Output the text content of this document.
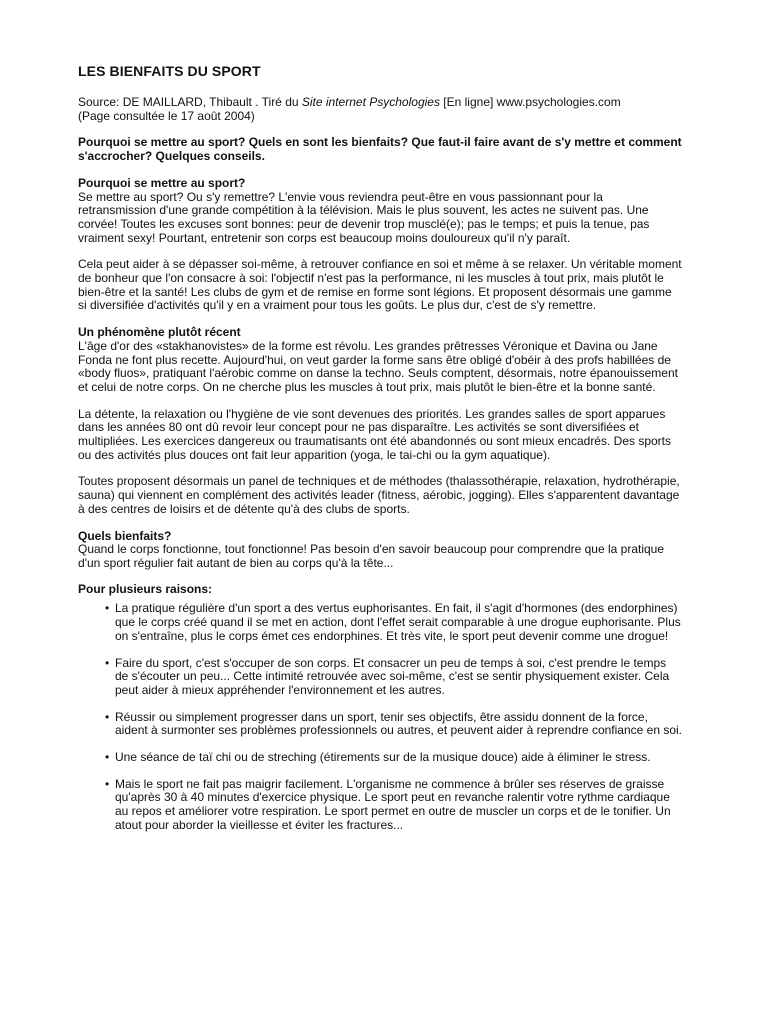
LES BIENFAITS DU SPORT

Source: DE MAILLARD, Thibault . Tiré du Site internet Psychologies [En ligne] www.psychologies.com
(Page consultée le 17 août 2004)

Pourquoi se mettre au sport? Quels en sont les bienfaits? Que faut-il faire avant de s'y mettre et comment s'accrocher? Quelques conseils.

Pourquoi se mettre au sport?

Se mettre au sport? Ou s'y remettre? L'envie vous reviendra peut-être en vous passionnant pour la retransmission d'une grande compétition à la télévision. Mais le plus souvent, les actes ne suivent pas. Une corvée! Toutes les excuses sont bonnes: peur de devenir trop musclé(e); pas le temps; et puis la tenue, pas vraiment sexy! Pourtant, entretenir son corps est beaucoup moins douloureux qu'il n'y paraît.

Cela peut aider à se dépasser soi-même, à retrouver confiance en soi et même à se relaxer. Un véritable moment de bonheur que l'on consacre à soi: l'objectif n'est pas la performance, ni les muscles à tout prix, mais plutôt le bien-être et la santé! Les clubs de gym et de remise en forme sont légions. Et proposent désormais une gamme si diversifiée d'activités qu'il y en a vraiment pour tous les goûts. Le plus dur, c'est de s'y remettre.

Un phénomène plutôt récent

L'âge d'or des «stakhanovistes» de la forme est révolu. Les grandes prêtresses Véronique et Davina ou Jane Fonda ne font plus recette. Aujourd'hui, on veut garder la forme sans être obligé d'obéir à des profs habillées de «body fluos», pratiquant l'aérobic comme on danse la techno. Seuls comptent, désormais, notre épanouissement et celui de notre corps. On ne cherche plus les muscles à tout prix, mais plutôt le bien-être et la bonne santé.

La détente, la relaxation ou l'hygiène de vie sont devenues des priorités. Les grandes salles de sport apparues dans les années 80 ont dû revoir leur concept pour ne pas disparaître. Les activités se sont diversifiées et multipliées. Les exercices dangereux ou traumatisants ont été abandonnés ou sont mieux encadrés. Des sports ou des activités plus douces ont fait leur apparition (yoga, le tai-chi ou la gym aquatique).

Toutes proposent désormais un panel de techniques et de méthodes (thalassothérapie, relaxation, hydrothérapie, sauna) qui viennent en complément des activités leader (fitness, aérobic, jogging). Elles s'apparentent davantage à des centres de loisirs et de détente qu'à des clubs de sports.

Quels bienfaits?

Quand le corps fonctionne, tout fonctionne! Pas besoin d'en savoir beaucoup pour comprendre que la pratique d'un sport régulier fait autant de bien au corps qu'à la tête...

Pour plusieurs raisons:

• La pratique régulière d'un sport a des vertus euphorisantes. En fait, il s'agit d'hormones (des endorphines) que le corps créé quand il se met en action, dont l'effet serait comparable à une drogue euphorisante. Plus on s'entraîne, plus le corps émet ces endorphines. Et très vite, le sport peut devenir comme une drogue!
• Faire du sport, c'est s'occuper de son corps. Et consacrer un peu de temps à soi, c'est prendre le temps de s'écouter un peu... Cette intimité retrouvée avec soi-même, c'est se sentir physiquement exister. Cela peut aider à mieux appréhender l'environnement et les autres.
• Réussir ou simplement progresser dans un sport, tenir ses objectifs, être assidu donnent de la force, aident à surmonter ses problèmes professionnels ou autres, et peuvent aider à reprendre confiance en soi.
• Une séance de taï chi ou de streching (étirements sur de la musique douce) aide à éliminer le stress.
• Mais le sport ne fait pas maigrir facilement. L'organisme ne commence à brûler ses réserves de graisse qu'après 30 à 40 minutes d'exercice physique. Le sport peut en revanche ralentir votre rythme cardiaque au repos et améliorer votre respiration. Le sport permet en outre de muscler un corps et de le tonifier. Un atout pour aborder la vieillesse et éviter les fractures...
